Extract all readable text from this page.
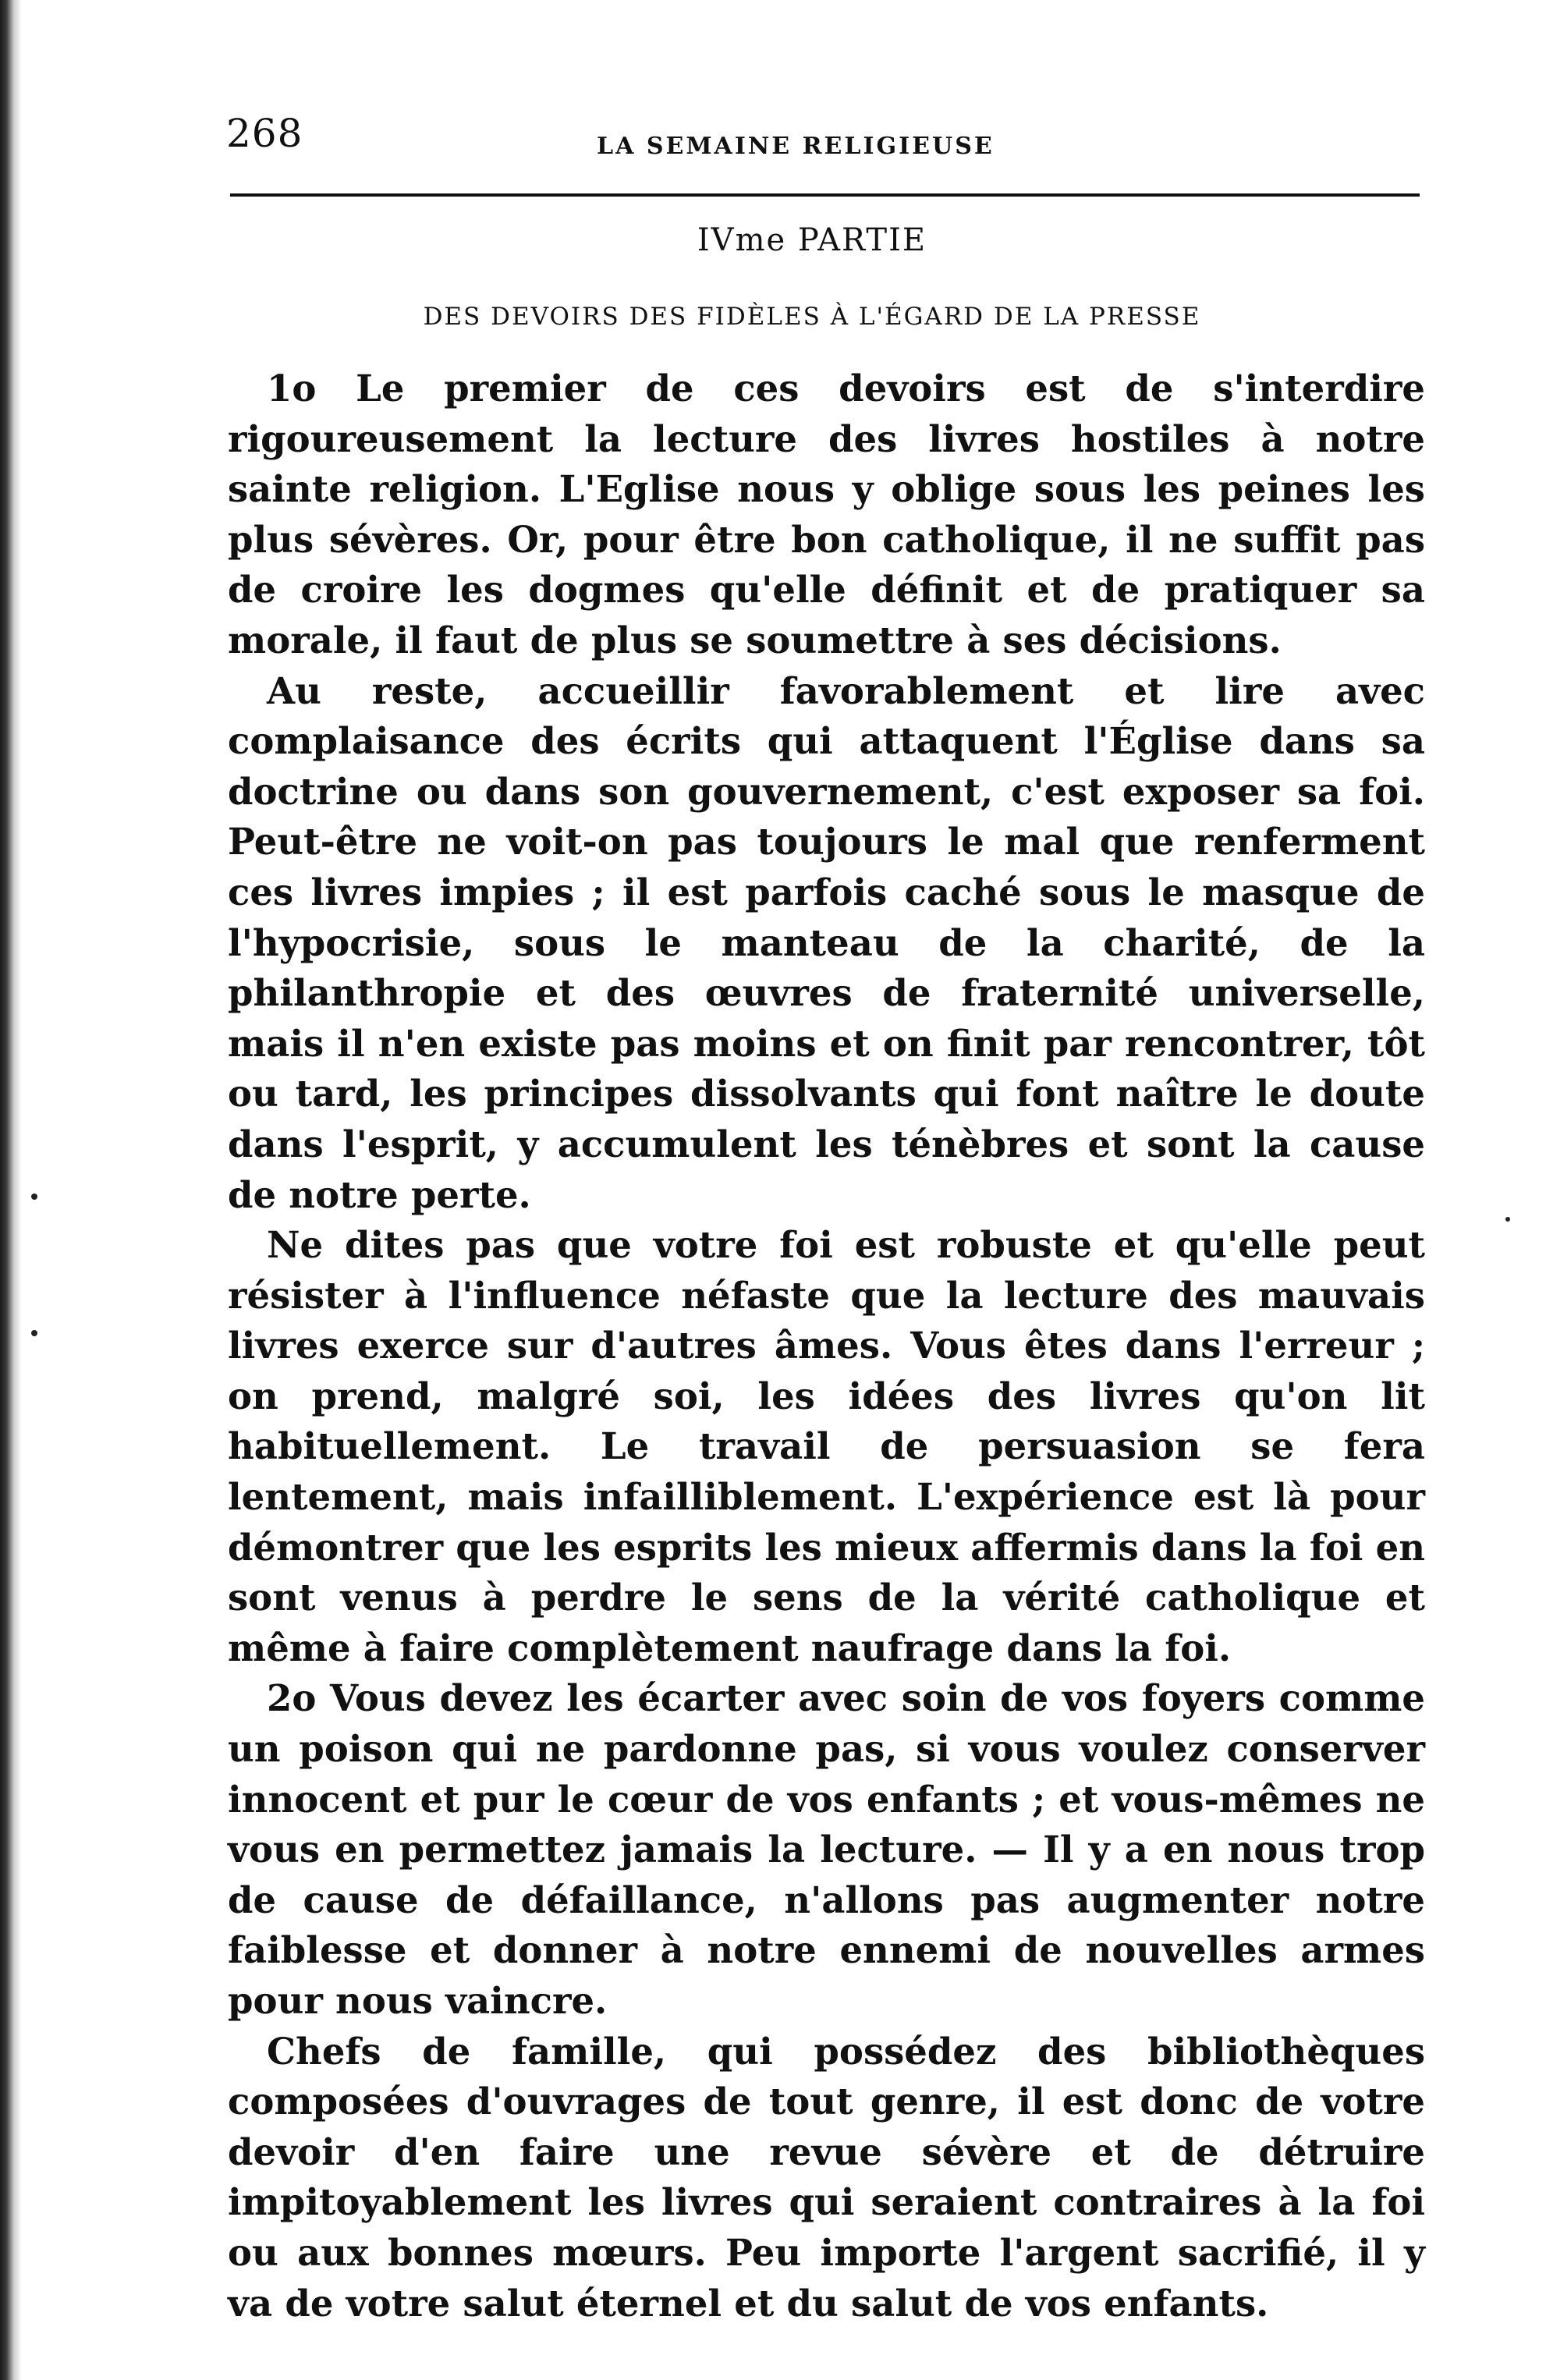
268	LA SEMAINE RELIGIEUSE
IVme PARTIE
DES DEVOIRS DES FIDÈLES À L'ÉGARD DE LA PRESSE

1o Le premier de ces devoirs est de s'interdire rigoureusement la lecture des livres hostiles à notre sainte religion. L'Eglise nous y oblige sous les peines les plus sévères. Or, pour être bon catholique, il ne suffit pas de croire les dogmes qu'elle définit et de pratiquer sa morale, il faut de plus se soumettre à ses décisions.

Au reste, accueillir favorablement et lire avec complaisance des écrits qui attaquent l'Église dans sa doctrine ou dans son gouvernement, c'est exposer sa foi. Peut-être ne voit-on pas toujours le mal que renferment ces livres impies ; il est parfois caché sous le masque de l'hypocrisie, sous le manteau de la charité, de la philanthropie et des œuvres de fraternité universelle, mais il n'en existe pas moins et on finit par rencontrer, tôt ou tard, les principes dissolvants qui font naître le doute dans l'esprit, y accumulent les ténèbres et sont la cause de notre perte.

Ne dites pas que votre foi est robuste et qu'elle peut résister à l'influence néfaste que la lecture des mauvais livres exerce sur d'autres âmes. Vous êtes dans l'erreur ; on prend, malgré soi, les idées des livres qu'on lit habituellement. Le travail de persuasion se fera lentement, mais infailliblement. L'expérience est là pour démontrer que les esprits les mieux affermis dans la foi en sont venus à perdre le sens de la vérité catholique et même à faire complètement naufrage dans la foi.

2o Vous devez les écarter avec soin de vos foyers comme un poison qui ne pardonne pas, si vous voulez conserver innocent et pur le cœur de vos enfants ; et vous-mêmes ne vous en permettez jamais la lecture. — Il y a en nous trop de cause de défaillance, n'allons pas augmenter notre faiblesse et donner à notre ennemi de nouvelles armes pour nous vaincre.

Chefs de famille, qui possédez des bibliothèques composées d'ouvrages de tout genre, il est donc de votre devoir d'en faire une revue sévère et de détruire impitoyablement les livres qui seraient contraires à la foi ou aux bonnes mœurs. Peu importe l'argent sacrifié, il y va de votre salut éternel et du salut de vos enfants.
